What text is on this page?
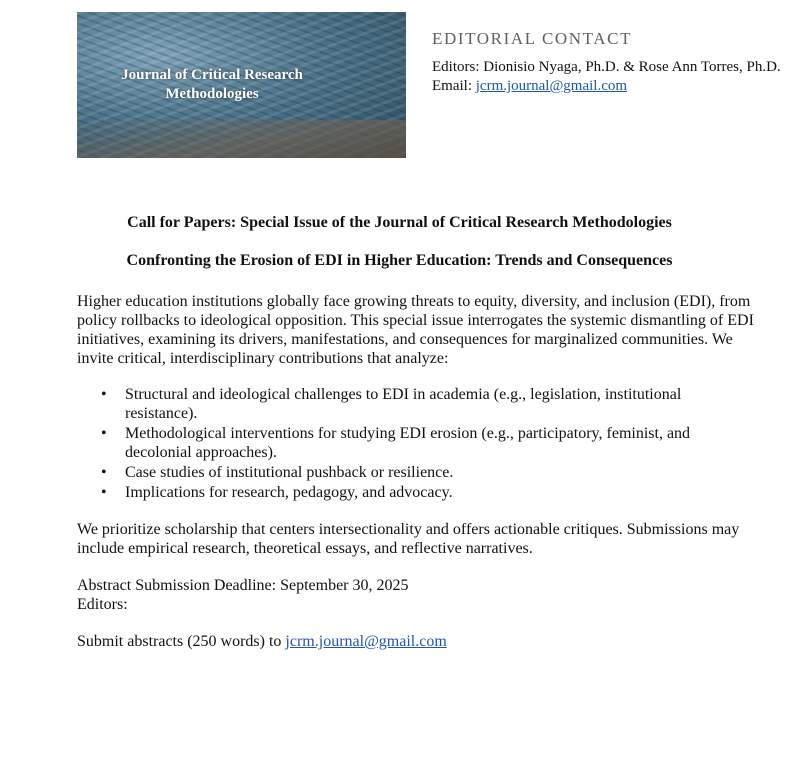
Journal of Critical Research
Methodologies
EDITORIAL CONTACT
Editors: Dionisio Nyaga, Ph.D. & Rose Ann Torres, Ph.D.
Email: jcrm.journal@gmail.com

Call for Papers: Special Issue of the Journal of Critical Research Methodologies

Confronting the Erosion of EDI in Higher Education: Trends and Consequences

Higher education institutions globally face growing threats to equity, diversity, and inclusion (EDI), from policy rollbacks to ideological opposition. This special issue interrogates the systemic dismantling of EDI initiatives, examining its drivers, manifestations, and consequences for marginalized communities. We invite critical, interdisciplinary contributions that analyze:

• Structural and ideological challenges to EDI in academia (e.g., legislation, institutional resistance).
• Methodological interventions for studying EDI erosion (e.g., participatory, feminist, and decolonial approaches).
• Case studies of institutional pushback or resilience.
• Implications for research, pedagogy, and advocacy.

We prioritize scholarship that centers intersectionality and offers actionable critiques. Submissions may include empirical research, theoretical essays, and reflective narratives.

Abstract Submission Deadline: September 30, 2025

Editors:

Submit abstracts (250 words) to jcrm.journal@gmail.com
